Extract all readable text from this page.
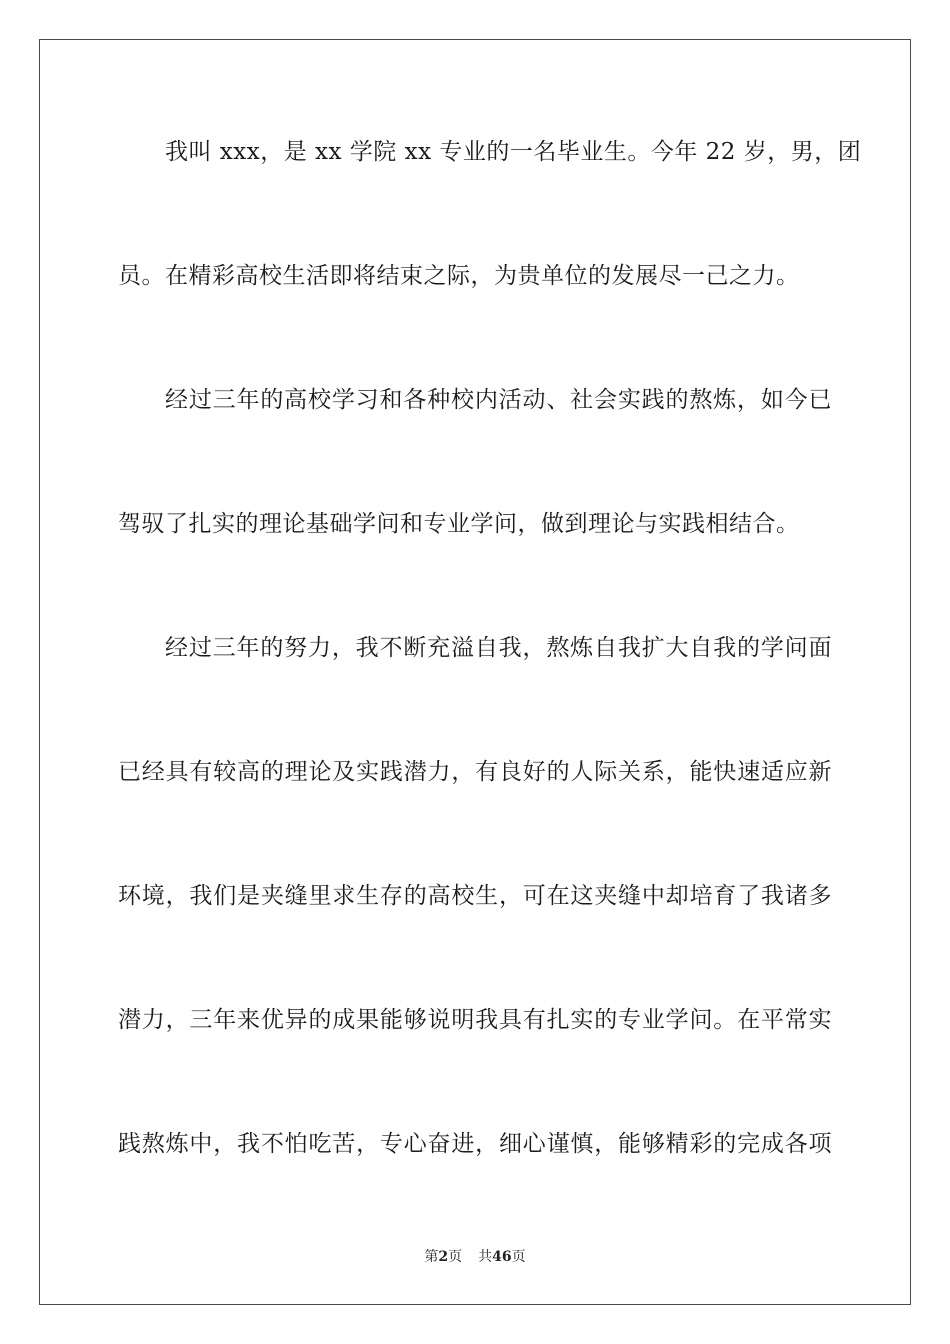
我叫 xxx，是 xx 学院 xx 专业的一名毕业生。今年 22 岁，男，团
员。在精彩高校生活即将结束之际，为贵单位的发展尽一己之力。
经过三年的高校学习和各种校内活动、社会实践的熬炼，如今已
驾驭了扎实的理论基础学问和专业学问，做到理论与实践相结合。
经过三年的努力，我不断充溢自我，熬炼自我扩大自我的学问面
已经具有较高的理论及实践潜力，有良好的人际关系，能快速适应新
环境，我们是夹缝里求生存的高校生，可在这夹缝中却培育了我诸多
潜力，三年来优异的成果能够说明我具有扎实的专业学问。在平常实
践熬炼中，我不怕吃苦，专心奋进，细心谨慎，能够精彩的完成各项
第2页 共46页
